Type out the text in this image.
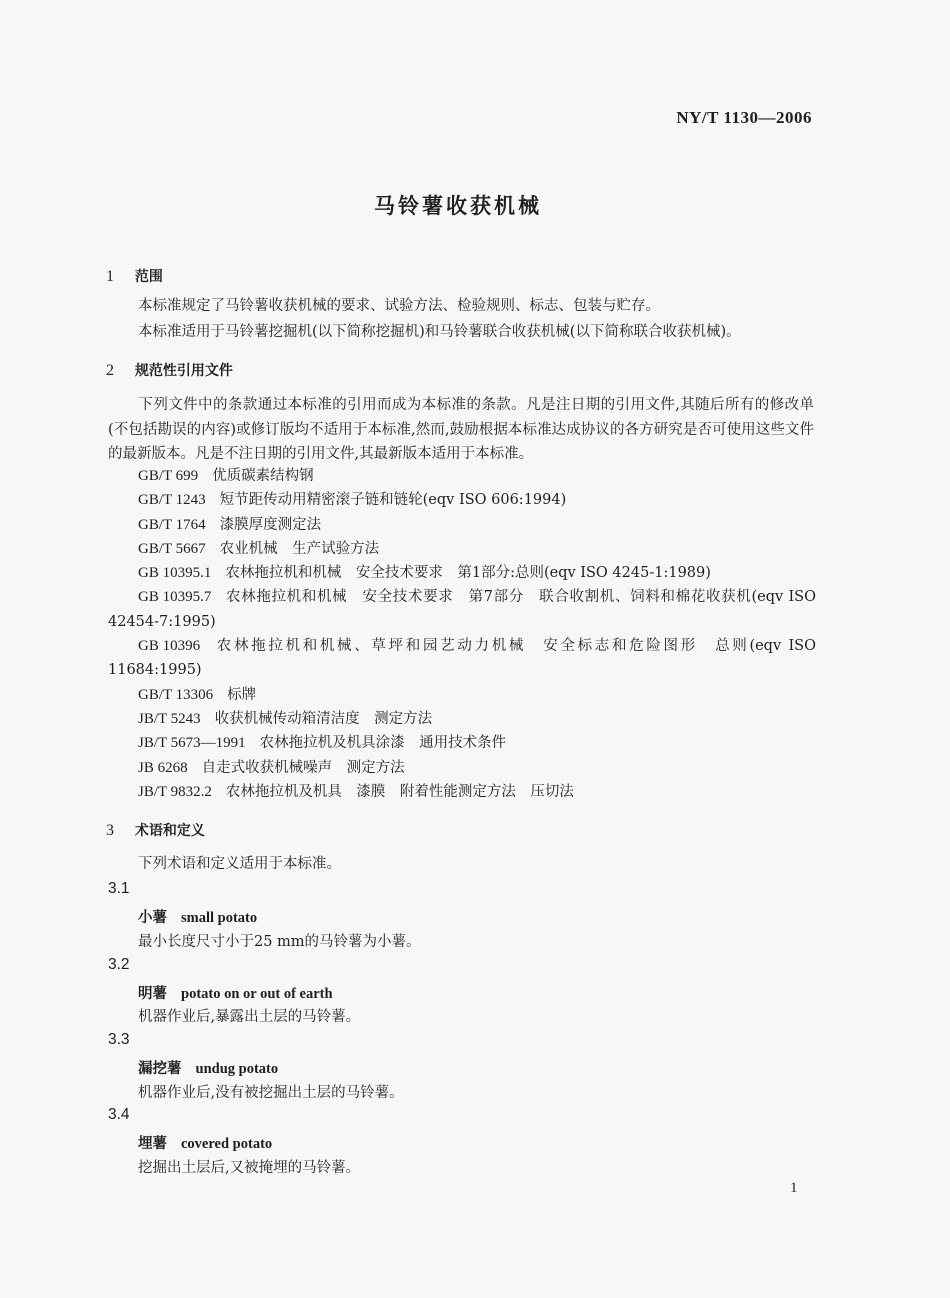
NY/T 1130—2006
马铃薯收获机械
1 范围
本标准规定了马铃薯收获机械的要求、试验方法、检验规则、标志、包装与贮存。
本标准适用于马铃薯挖掘机(以下简称挖掘机)和马铃薯联合收获机械(以下简称联合收获机械)。
2 规范性引用文件
下列文件中的条款通过本标准的引用而成为本标准的条款。凡是注日期的引用文件,其随后所有的修改单(不包括勘误的内容)或修订版均不适用于本标准,然而,鼓励根据本标准达成协议的各方研究是否可使用这些文件的最新版本。凡是不注日期的引用文件,其最新版本适用于本标准。
GB/T 699 优质碳素结构钢
GB/T 1243 短节距传动用精密滚子链和链轮(eqv ISO 606:1994)
GB/T 1764 漆膜厚度测定法
GB/T 5667 农业机械　生产试验方法
GB 10395.1 农林拖拉机和机械　安全技术要求　第1部分:总则(eqv ISO 4245-1:1989)
GB 10395.7 农林拖拉机和机械　安全技术要求　第7部分　联合收割机、饲料和棉花收获机(eqv ISO 42454-7:1995)
GB 10396 农林拖拉机和机械、草坪和园艺动力机械　安全标志和危险图形　总则(eqv ISO 11684:1995)
GB/T 13306 标牌
JB/T 5243 收获机械传动箱清洁度　测定方法
JB/T 5673—1991 农林拖拉机及机具涂漆　通用技术条件
JB 6268 自走式收获机械噪声　测定方法
JB/T 9832.2 农林拖拉机及机具　漆膜　附着性能测定方法　压切法
3 术语和定义
下列术语和定义适用于本标准。
3.1
小薯 small potato
最小长度尺寸小于25 mm的马铃薯为小薯。
3.2
明薯 potato on or out of earth
机器作业后,暴露出土层的马铃薯。
3.3
漏挖薯 undug potato
机器作业后,没有被挖掘出土层的马铃薯。
3.4
埋薯 covered potato
挖掘出土层后,又被掩埋的马铃薯。
1
